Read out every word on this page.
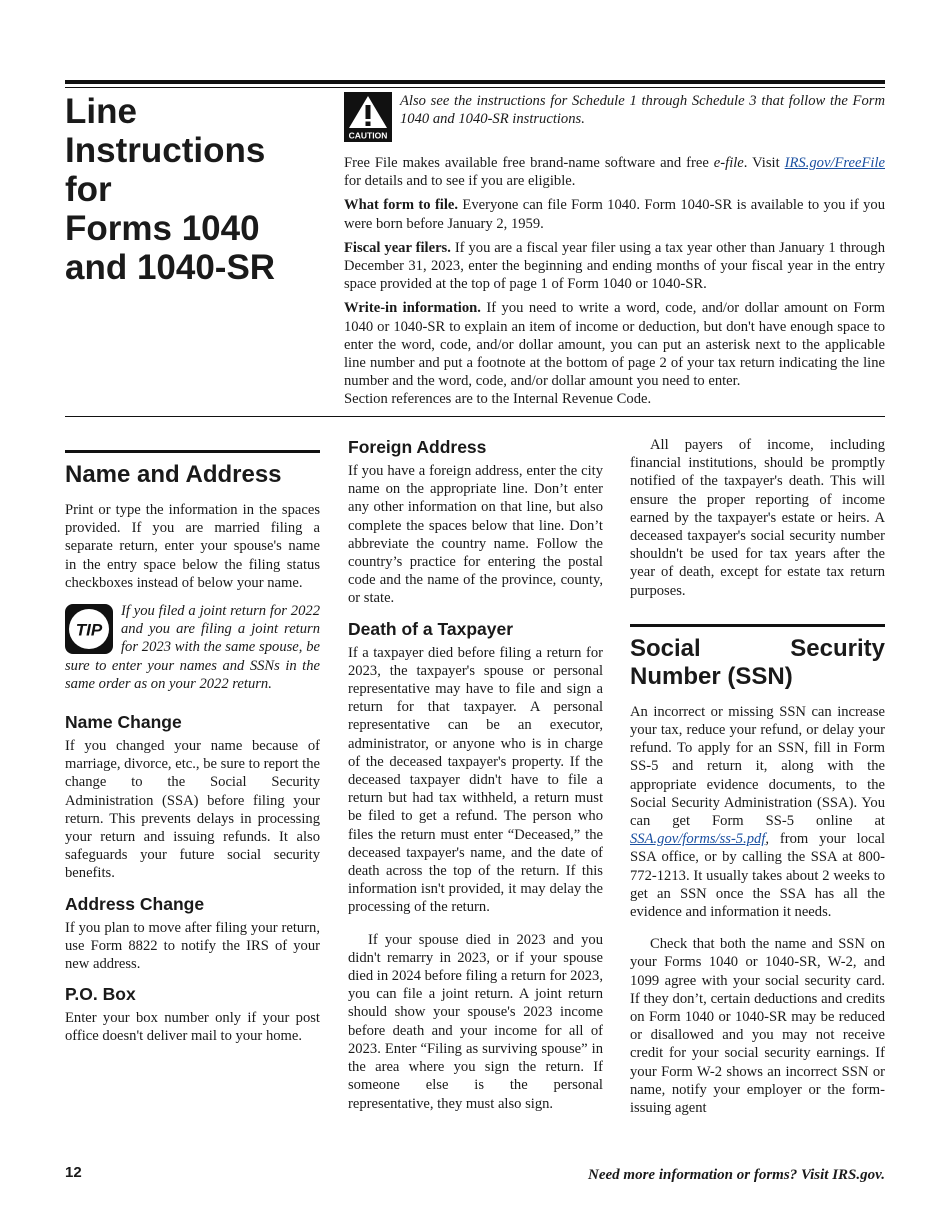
Line
Instructions
for
Forms 1040
and 1040-SR
CAUTION

Also see the instructions for Schedule 1 through Schedule 3 that follow the Form 1040 and 1040-SR instructions.

Free File makes available free brand-name software and free e-file. Visit IRS.gov/FreeFile for details and to see if you are eligible.

What form to file. Everyone can file Form 1040. Form 1040-SR is available to you if you were born before January 2, 1959.

Fiscal year filers. If you are a fiscal year filer using a tax year other than January 1 through December 31, 2023, enter the beginning and ending months of your fiscal year in the entry space provided at the top of page 1 of Form 1040 or 1040-SR.

Write-in information. If you need to write a word, code, and/or dollar amount on Form 1040 or 1040-SR to explain an item of income or deduction, but don't have enough space to enter the word, code, and/or dollar amount, you can put an asterisk next to the applicable line number and put a footnote at the bottom of page 2 of your tax return indicating the line number and the word, code, and/or dollar amount you need to enter.

Section references are to the Internal Revenue Code.

Name and Address

Print or type the information in the spaces provided. If you are married filing a separate return, enter your spouse's name in the entry space below the filing status checkboxes instead of below your name.

TIP

If you filed a joint return for 2022 and you are filing a joint return for 2023 with the same spouse, be sure to enter your names and SSNs in the same order as on your 2022 return.

Name Change

If you changed your name because of marriage, divorce, etc., be sure to report the change to the Social Security Administration (SSA) before filing your return. This prevents delays in processing your return and issuing refunds. It also safeguards your future social security benefits.

Address Change

If you plan to move after filing your return, use Form 8822 to notify the IRS of your new address.

P.O. Box

Enter your box number only if your post office doesn't deliver mail to your home.

Foreign Address

If you have a foreign address, enter the city name on the appropriate line. Don’t enter any other information on that line, but also complete the spaces below that line. Don’t abbreviate the country name. Follow the country’s practice for entering the postal code and the name of the province, county, or state.

Death of a Taxpayer

If a taxpayer died before filing a return for 2023, the taxpayer's spouse or personal representative may have to file and sign a return for that taxpayer. A personal representative can be an executor, administrator, or anyone who is in charge of the deceased taxpayer's property. If the deceased taxpayer didn't have to file a return but had tax withheld, a return must be filed to get a refund. The person who files the return must enter “Deceased,” the deceased taxpayer's name, and the date of death across the top of the return. If this information isn't provided, it may delay the processing of the return.

If your spouse died in 2023 and you didn't remarry in 2023, or if your spouse died in 2024 before filing a return for 2023, you can file a joint return. A joint return should show your spouse's 2023 income before death and your income for all of 2023. Enter “Filing as surviving spouse” in the area where you sign the return. If someone else is the personal representative, they must also sign.

All payers of income, including financial institutions, should be promptly notified of the taxpayer's death. This will ensure the proper reporting of income earned by the taxpayer's estate or heirs. A deceased taxpayer's social security number shouldn't be used for tax years after the year of death, except for estate tax return purposes.

Social Security Number (SSN)

An incorrect or missing SSN can increase your tax, reduce your refund, or delay your refund. To apply for an SSN, fill in Form SS-5 and return it, along with the appropriate evidence documents, to the Social Security Administration (SSA). You can get Form SS-5 online at SSA.gov/forms/ss-5.pdf, from your local SSA office, or by calling the SSA at 800-772-1213. It usually takes about 2 weeks to get an SSN once the SSA has all the evidence and information it needs.

Check that both the name and SSN on your Forms 1040 or 1040-SR, W-2, and 1099 agree with your social security card. If they don’t, certain deductions and credits on Form 1040 or 1040-SR may be reduced or disallowed and you may not receive credit for your social security earnings. If your Form W-2 shows an incorrect SSN or name, notify your employer or the form-issuing agent

12	Need more information or forms? Visit IRS.gov.
